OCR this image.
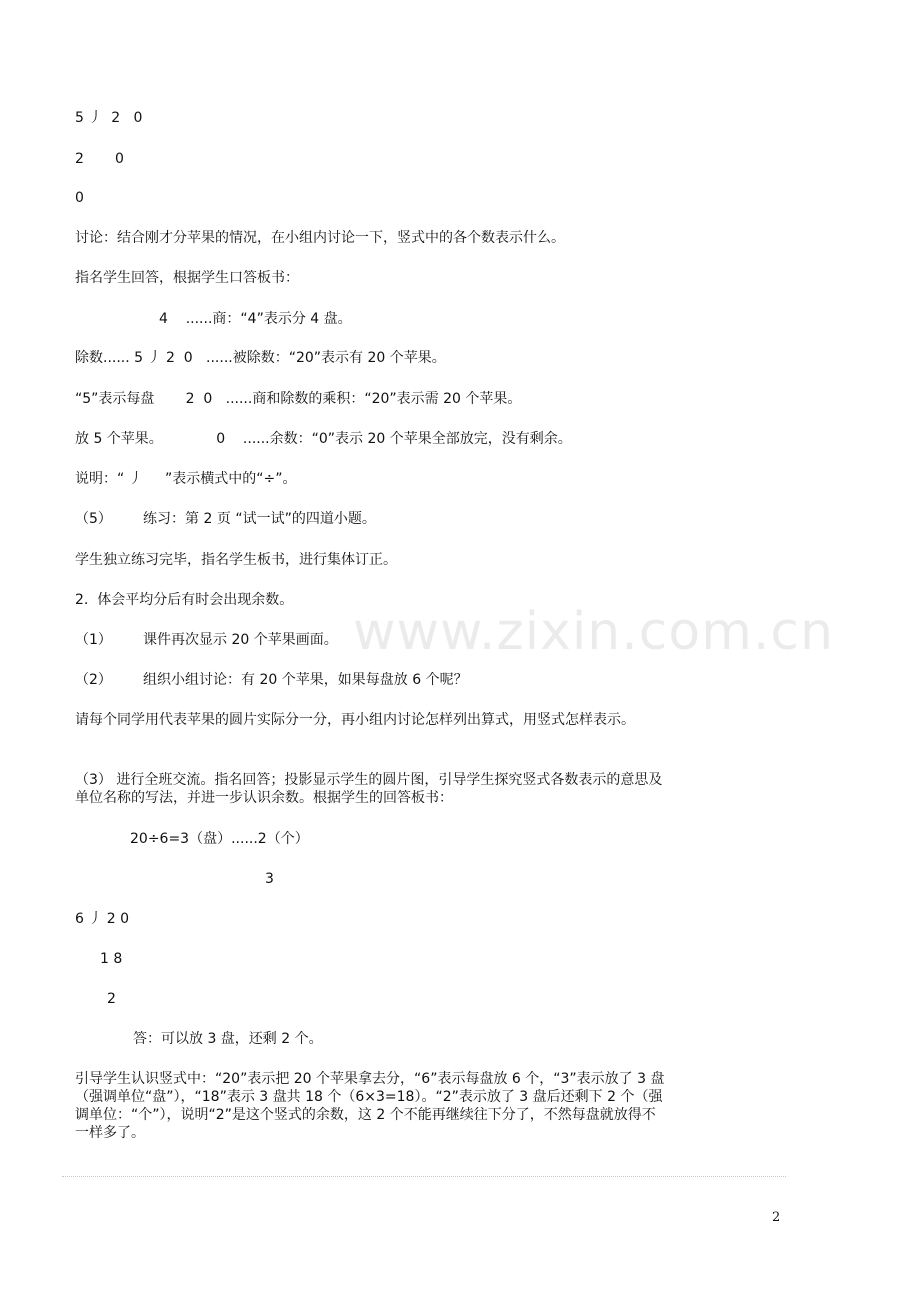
5 丿  2   0
2       0
0
讨论：结合刚才分苹果的情况，在小组内讨论一下，竖式中的各个数表示什么。
指名学生回答，根据学生口答板书：
4    ......商：“4”表示分 4 盘。
除数...... 5 丿 2  0   ......被除数：“20”表示有 20 个苹果。
“5”表示每盘       2  0   ......商和除数的乘积：“20”表示需 20 个苹果。
放 5 个苹果。            0    ......余数：“0”表示 20 个苹果全部放完，没有剩余。
说明：“ 丿     ”表示横式中的“÷”。
（5）       练习：第 2 页 “试一试”的四道小题。
学生独立练习完毕，指名学生板书，进行集体订正。
2.  体会平均分后有时会出现余数。
www.zixin.com.cn
（1）       课件再次显示 20 个苹果画面。
（2）       组织小组讨论：有 20 个苹果，如果每盘放 6 个呢？
请每个同学用代表苹果的圆片实际分一分，再小组内讨论怎样列出算式，用竖式怎样表示。
（3） 进行全班交流。指名回答；投影显示学生的圆片图，引导学生探究竖式各数表示的意思及单位名称的写法，并进一步认识余数。根据学生的回答板书：
20÷6=3（盘）......2（个）
3
6 丿 2 0
1 8
2
答：可以放 3 盘，还剩 2 个。
引导学生认识竖式中：“20”表示把 20 个苹果拿去分，“6”表示每盘放 6 个，“3”表示放了 3 盘（强调单位“盘”），“18”表示 3 盘共 18 个（6×3=18）。“2”表示放了 3 盘后还剩下 2 个（强调单位：“个”），说明“2”是这个竖式的余数，这 2 个不能再继续往下分了，不然每盘就放得不一样多了。
2
